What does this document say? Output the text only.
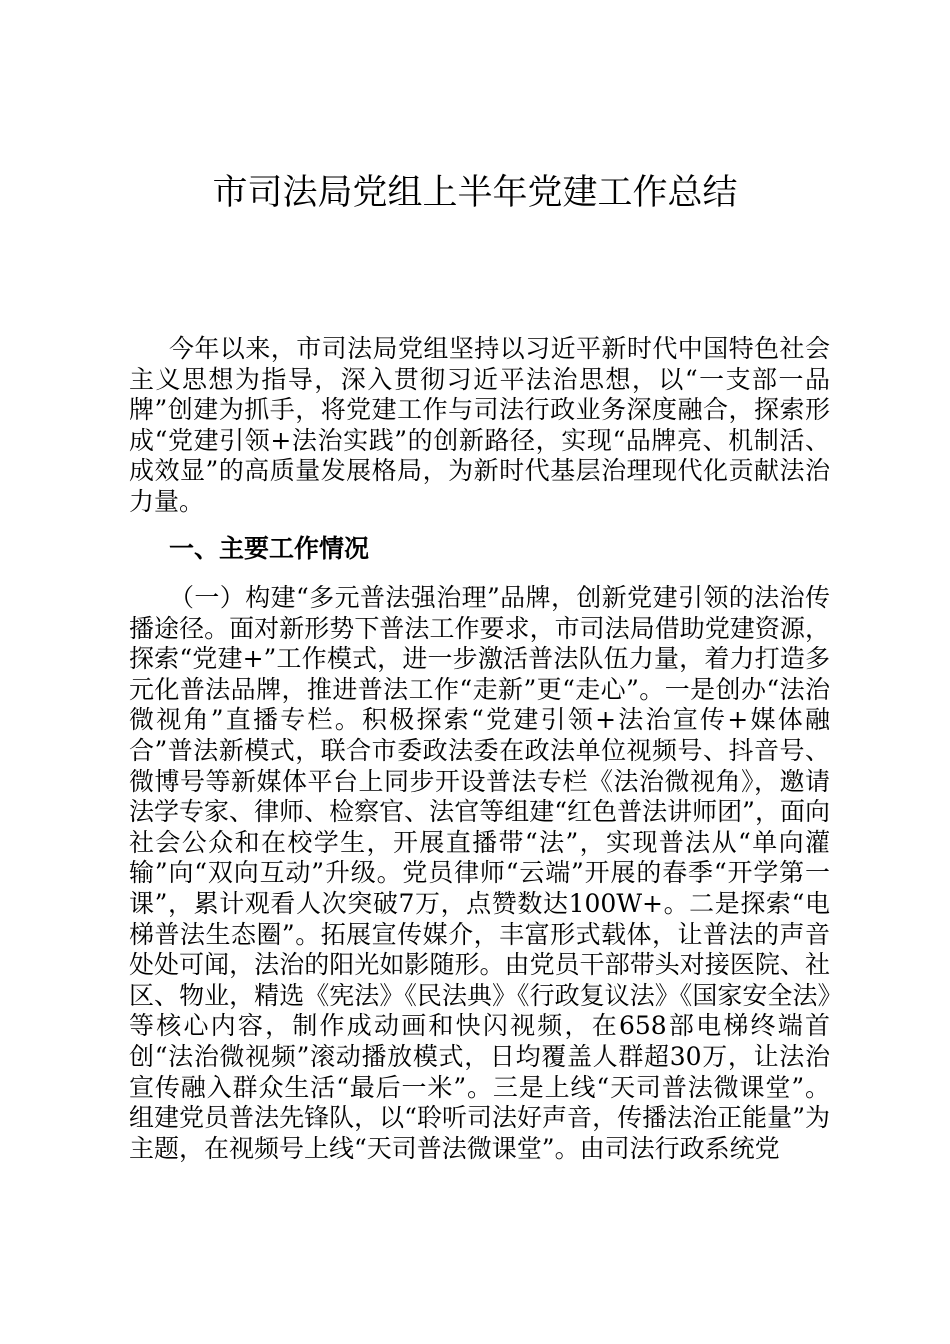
市司法局党组上半年党建工作总结

今年以来，市司法局党组坚持以习近平新时代中国特色社会主义思想为指导，深入贯彻习近平法治思想，以“一支部一品牌”创建为抓手，将党建工作与司法行政业务深度融合，探索形成“党建引领+法治实践”的创新路径，实现“品牌亮、机制活、成效显”的高质量发展格局，为新时代基层治理现代化贡献法治力量。

一、主要工作情况

（一）构建“多元普法强治理”品牌，创新党建引领的法治传播途径。面对新形势下普法工作要求，市司法局借助党建资源，探索“党建+”工作模式，进一步激活普法队伍力量，着力打造多元化普法品牌，推进普法工作“走新”更“走心”。一是创办“法治微视角”直播专栏。积极探索“党建引领+法治宣传+媒体融合”普法新模式，联合市委政法委在政法单位视频号、抖音号、微博号等新媒体平台上同步开设普法专栏《法治微视角》，邀请法学专家、律师、检察官、法官等组建“红色普法讲师团”，面向社会公众和在校学生，开展直播带“法”，实现普法从“单向灌输”向“双向互动”升级。党员律师“云端”开展的春季“开学第一课”，累计观看人次突破7万，点赞数达100W+。二是探索“电梯普法生态圈”。拓展宣传媒介，丰富形式载体，让普法的声音处处可闻，法治的阳光如影随形。由党员干部带头对接医院、社区、物业，精选《宪法》《民法典》《行政复议法》《国家安全法》等核心内容，制作成动画和快闪视频，在658部电梯终端首创“法治微视频”滚动播放模式，日均覆盖人群超30万，让法治宣传融入群众生活“最后一米”。三是上线“天司普法微课堂”。组建党员普法先锋队，以“聆听司法好声音，传播法治正能量”为主题，在视频号上线“天司普法微课堂”。由司法行政系统党
